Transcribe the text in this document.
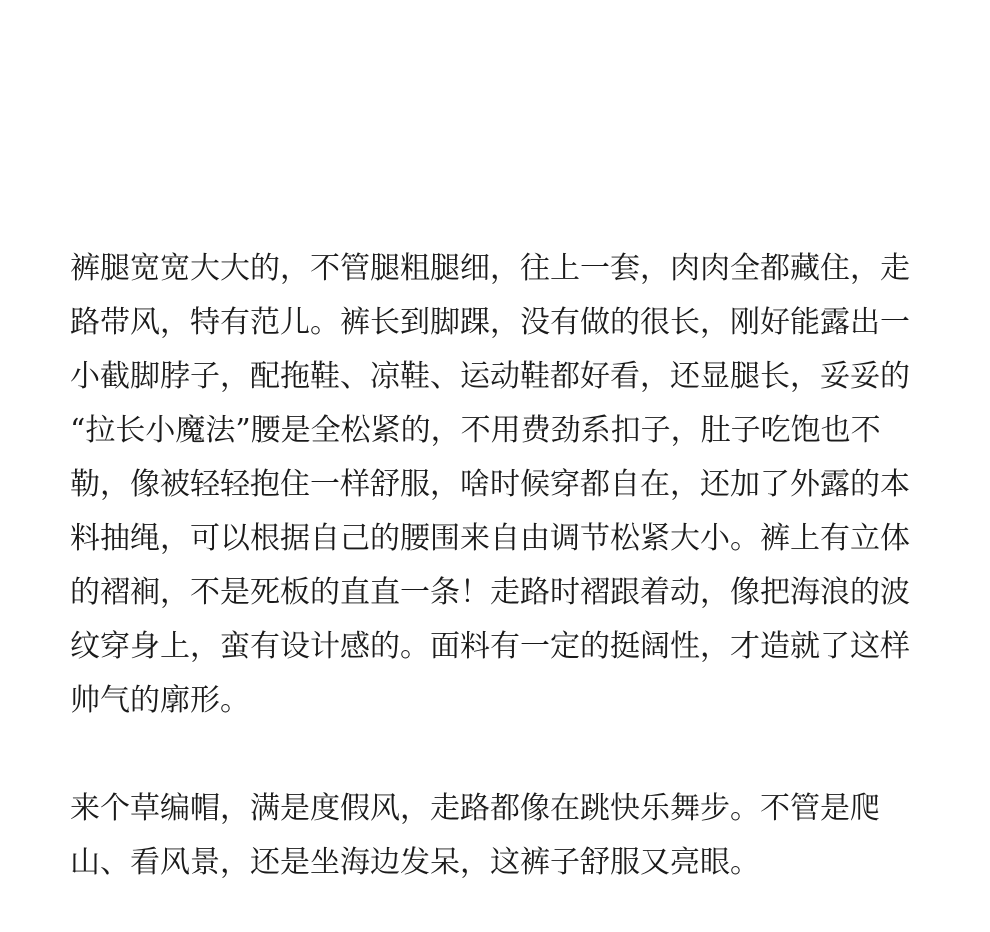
裤腿宽宽大大的，不管腿粗腿细，往上一套，肉肉全都藏住，走路带风，特有范儿。裤长到脚踝，没有做的很长，刚好能露出一小截脚脖子，配拖鞋、凉鞋、运动鞋都好看，还显腿长，妥妥的 “拉长小魔法”腰是全松紧的，不用费劲系扣子，肚子吃饱也不勒，像被轻轻抱住一样舒服，啥时候穿都自在，还加了外露的本料抽绳，可以根据自己的腰围来自由调节松紧大小。裤上有立体的褶裥，不是死板的直直一条！走路时褶跟着动，像把海浪的波纹穿身上，蛮有设计感的。面料有一定的挺阔性，才造就了这样帅气的廓形。

来个草编帽，满是度假风，走路都像在跳快乐舞步。不管是爬山、看风景，还是坐海边发呆，这裤子舒服又亮眼。
